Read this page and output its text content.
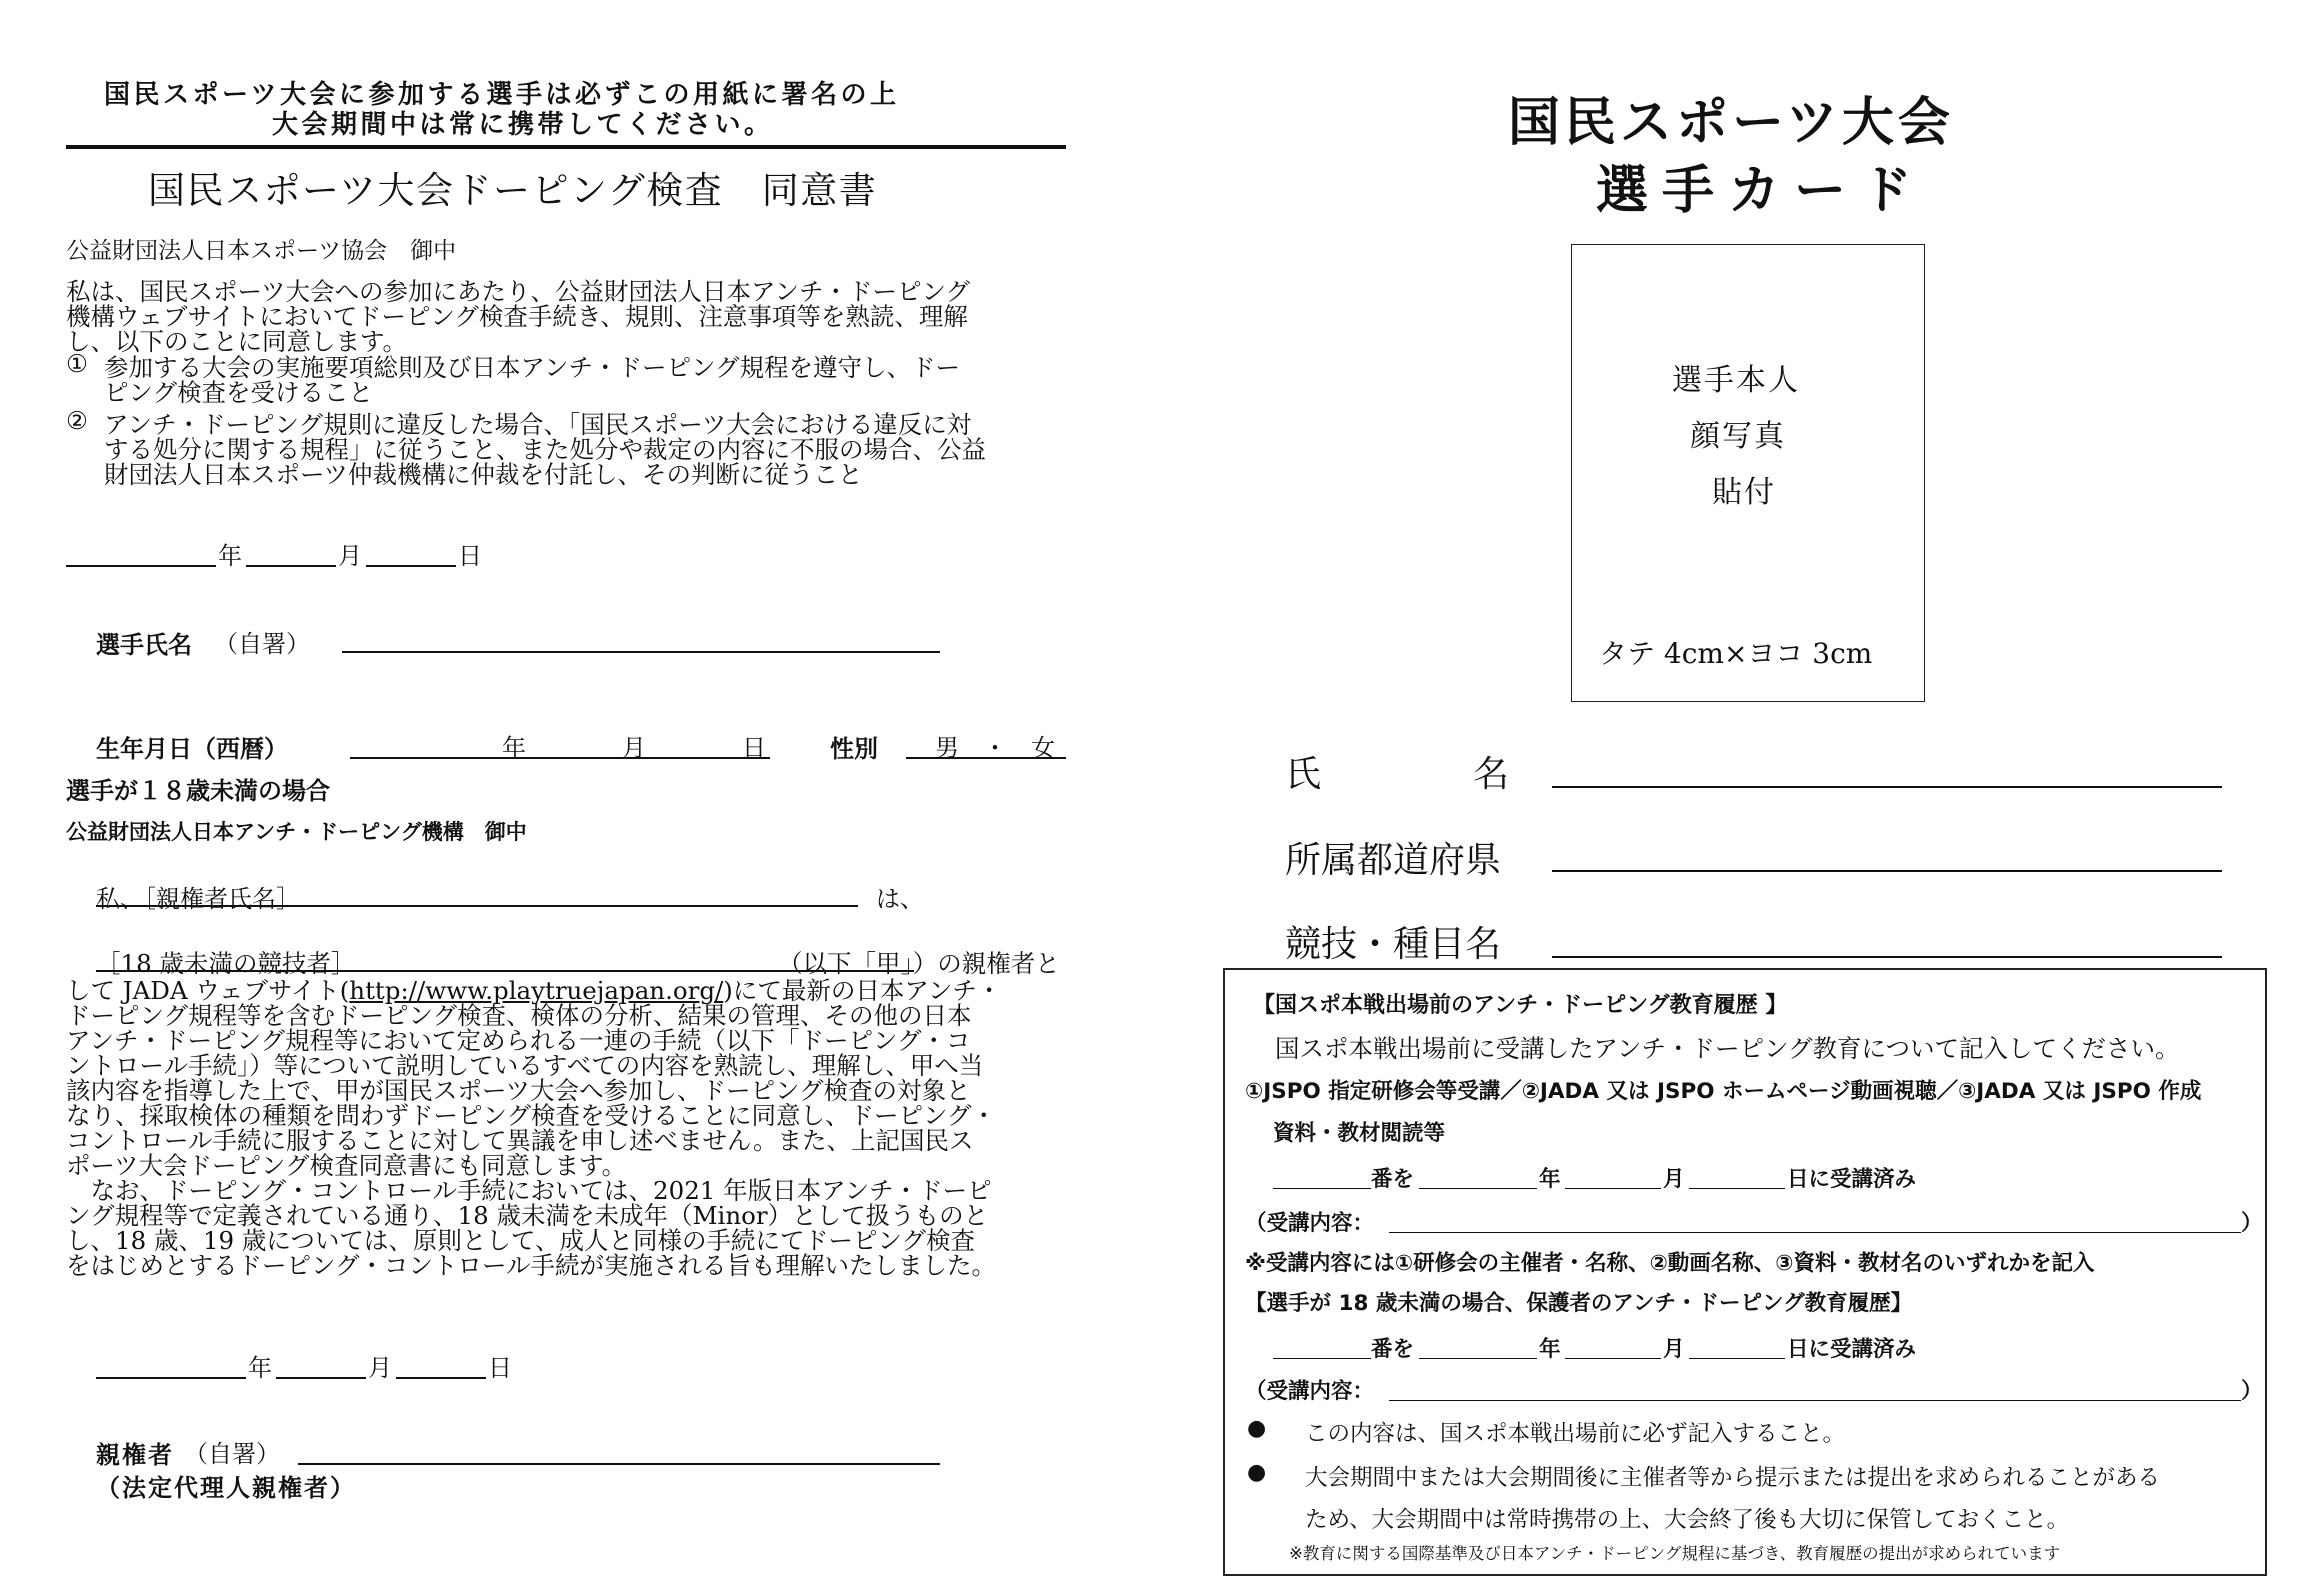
国民スポーツ大会に参加する選手は必ずこの用紙に署名の上
大会期間中は常に携帯してください。
国民スポーツ大会ドーピング検査　同意書
公益財団法人日本スポーツ協会　御中
私は、国民スポーツ大会への参加にあたり、公益財団法人日本アンチ・ドーピング
機構ウェブサイトにおいてドーピング検査手続き、規則、注意事項等を熟読、理解
し、以下のことに同意します。
① 参加する大会の実施要項総則及び日本アンチ・ドーピング規程を遵守し、ドー
ピング検査を受けること
② アンチ・ドーピング規則に違反した場合、「国民スポーツ大会における違反に対
する処分に関する規程」に従うこと、また処分や裁定の内容に不服の場合、公益
財団法人日本スポーツ仲裁機構に仲裁を付託し、その判断に従うこと
年	月	日
選手氏名 （自署）
生年月日（西暦）	年	月	日	性別 男　・　女
選手が１８歳未満の場合
公益財団法人日本アンチ・ドーピング機構　御中
私、［親権者氏名］	は、
［18 歳未満の競技者］	（以下「甲」）の親権者と
して JADA ウェブサイト(http://www.playtruejapan.org/)にて最新の日本アンチ・
ドーピング規程等を含むドーピング検査、検体の分析、結果の管理、その他の日本
アンチ・ドーピング規程等において定められる一連の手続（以下「ドーピング・コ
ントロール手続」）等について説明しているすべての内容を熟読し、理解し、甲へ当
該内容を指導した上で、甲が国民スポーツ大会へ参加し、ドーピング検査の対象と
なり、採取検体の種類を問わずドーピング検査を受けることに同意し、ドーピング・
コントロール手続に服することに対して異議を申し述べません。また、上記国民ス
ポーツ大会ドーピング検査同意書にも同意します。
　なお、ドーピング・コントロール手続においては、2021 年版日本アンチ・ドーピ
ング規程等で定義されている通り、18 歳未満を未成年（Minor）として扱うものと
し、18 歳、19 歳については、原則として、成人と同様の手続にてドーピング検査
をはじめとするドーピング・コントロール手続が実施される旨も理解いたしました。
年	月	日
親権者 （自署）
（法定代理人親権者）
国民スポーツ大会
選手カード
選手本人
顔写真
貼付
タテ 4cm×ヨコ 3cm
氏	名
所属都道府県
競技・種目名
【国スポ本戦出場前のアンチ・ドーピング教育履歴 】
国スポ本戦出場前に受講したアンチ・ドーピング教育について記入してください。
①JSPO 指定研修会等受講／②JADA 又は JSPO ホームページ動画視聴／③JADA 又は JSPO 作成
資料・教材閲読等
番を	年	月	日に受講済み
（受講内容：	）
※受講内容には①研修会の主催者・名称、②動画名称、③資料・教材名のいずれかを記入
【選手が 18 歳未満の場合、保護者のアンチ・ドーピング教育履歴】
番を	年	月	日に受講済み
（受講内容：	）
● この内容は、国スポ本戦出場前に必ず記入すること。
● 大会期間中または大会期間後に主催者等から提示または提出を求められることがある
ため、大会期間中は常時携帯の上、大会終了後も大切に保管しておくこと。
※教育に関する国際基準及び日本アンチ・ドーピング規程に基づき、教育履歴の提出が求められています
